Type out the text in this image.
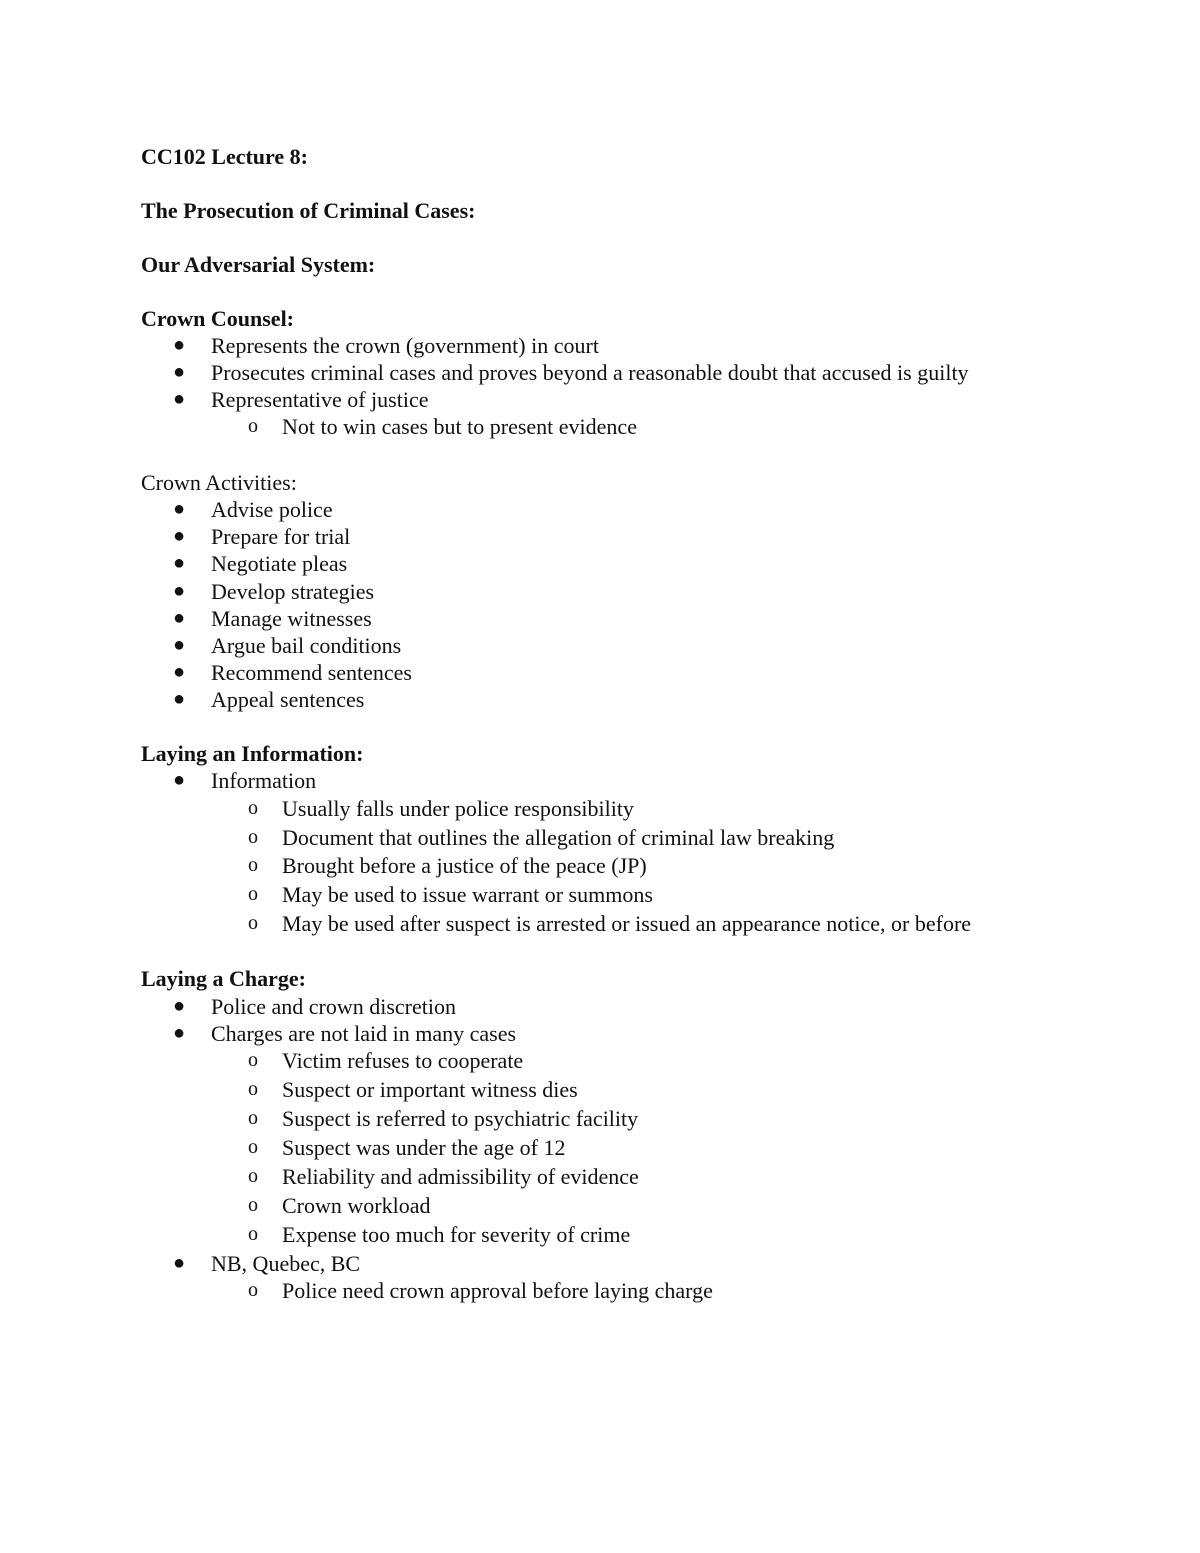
CC102 Lecture 8:
The Prosecution of Criminal Cases:
Our Adversarial System:
Crown Counsel:
● Represents the crown (government) in court
● Prosecutes criminal cases and proves beyond a reasonable doubt that accused is guilty
● Representative of justice
o Not to win cases but to present evidence
Crown Activities:
● Advise police
● Prepare for trial
● Negotiate pleas
● Develop strategies
● Manage witnesses
● Argue bail conditions
● Recommend sentences
● Appeal sentences
Laying an Information:
● Information
o Usually falls under police responsibility
o Document that outlines the allegation of criminal law breaking
o Brought before a justice of the peace (JP)
o May be used to issue warrant or summons
o May be used after suspect is arrested or issued an appearance notice, or before
Laying a Charge:
● Police and crown discretion
● Charges are not laid in many cases
o Victim refuses to cooperate
o Suspect or important witness dies
o Suspect is referred to psychiatric facility
o Suspect was under the age of 12
o Reliability and admissibility of evidence
o Crown workload
o Expense too much for severity of crime
● NB, Quebec, BC
o Police need crown approval before laying charge
